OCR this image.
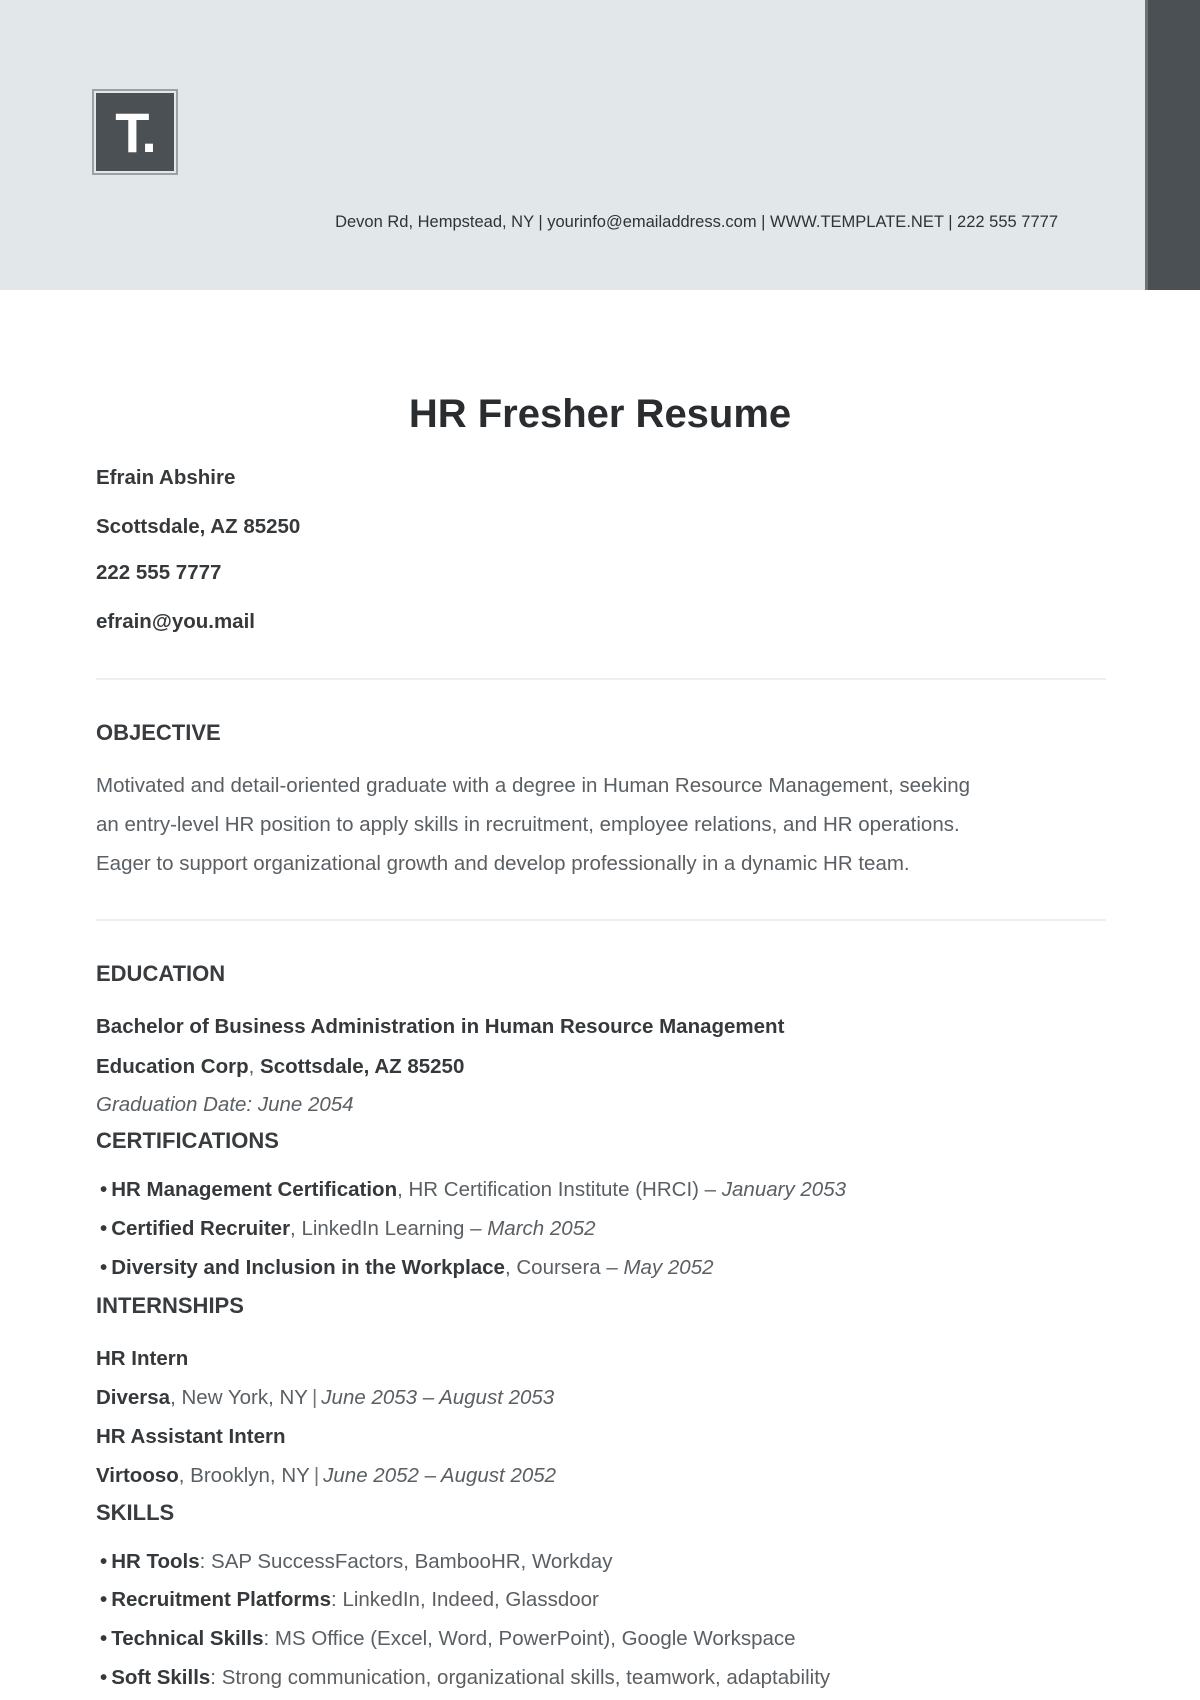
T.
Devon Rd, Hempstead, NY | yourinfo@emailaddress.com | WWW.TEMPLATE.NET | 222 555 7777
HR Fresher Resume
Efrain Abshire
Scottsdale, AZ 85250
222 555 7777
efrain@you.mail
OBJECTIVE
Motivated and detail-oriented graduate with a degree in Human Resource Management, seeking
an entry-level HR position to apply skills in recruitment, employee relations, and HR operations.
Eager to support organizational growth and develop professionally in a dynamic HR team.
EDUCATION
Bachelor of Business Administration in Human Resource Management
Education Corp, Scottsdale, AZ 85250
Graduation Date: June 2054
CERTIFICATIONS
• HR Management Certification, HR Certification Institute (HRCI) – January 2053
• Certified Recruiter, LinkedIn Learning – March 2052
• Diversity and Inclusion in the Workplace, Coursera – May 2052
INTERNSHIPS
HR Intern
Diversa, New York, NY | June 2053 – August 2053
HR Assistant Intern
Virtooso, Brooklyn, NY | June 2052 – August 2052
SKILLS
• HR Tools: SAP SuccessFactors, BambooHR, Workday
• Recruitment Platforms: LinkedIn, Indeed, Glassdoor
• Technical Skills: MS Office (Excel, Word, PowerPoint), Google Workspace
• Soft Skills: Strong communication, organizational skills, teamwork, adaptability
